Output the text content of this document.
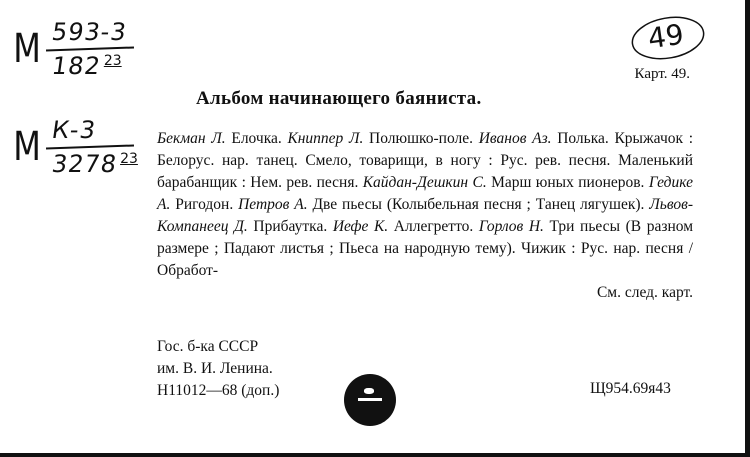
М 593-3
18223
М К-3
327823
49
Карт. 49.
Альбом начинающего баяниста.
Бекман Л. Елочка. Книппер Л. Полюшко-поле. Иванов Аз. Полька. Крыжачок : Белорус. нар. танец. Смело, товарищи, в ногу : Рус. рев. песня. Маленький барабанщик : Нем. рев. песня. Кайдан-Дешкин С. Марш юных пионеров. Гедике А. Ригодон. Петров А. Две пьесы (Колыбельная песня ; Танец лягушек). Львов-Компанеец Д. Прибаутка. Иефе К. Аллегретто. Горлов Н. Три пьесы (В разном размере ; Падают листья ; Пьеса на народную тему). Чижик : Рус. нар. песня / Обработ-
См. след. карт.
Гос. б-ка СССР
им. В. И. Ленина.
Н11012—68 (доп.)	Щ954.69я43
